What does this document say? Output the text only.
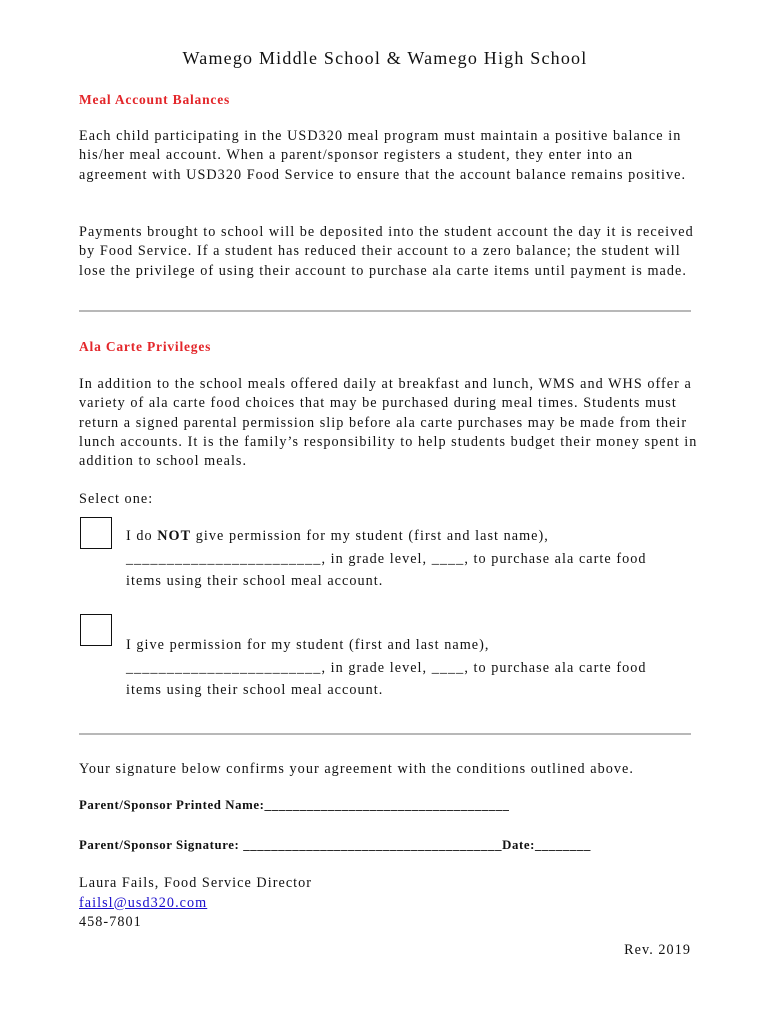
Wamego Middle School & Wamego High School
Meal Account Balances
Each child participating in the USD320 meal program must maintain a positive balance in his/her meal account. When a parent/sponsor registers a student, they enter into an agreement with USD320 Food Service to ensure that the account balance remains positive.
Payments brought to school will be deposited into the student account the day it is received by Food Service. If a student has reduced their account to a zero balance; the student will lose the privilege of using their account to purchase ala carte items until payment is made.
Ala Carte Privileges
In addition to the school meals offered daily at breakfast and lunch, WMS and WHS offer a variety of ala carte food choices that may be purchased during meal times. Students must return a signed parental permission slip before ala carte purchases may be made from their lunch accounts. It is the family’s responsibility to help students budget their money spent in addition to school meals.
Select one:
I do NOT give permission for my student (first and last name),
________________________, in grade level, ____, to purchase ala carte food
items using their school meal account.
I give permission for my student (first and last name),
________________________, in grade level, ____, to purchase ala carte food
items using their school meal account.
Your signature below confirms your agreement with the conditions outlined above.
Parent/Sponsor Printed Name:___________________________________
Parent/Sponsor Signature: _____________________________________Date:________
Laura Fails, Food Service Director
failsl@usd320.com
458-7801
Rev. 2019
